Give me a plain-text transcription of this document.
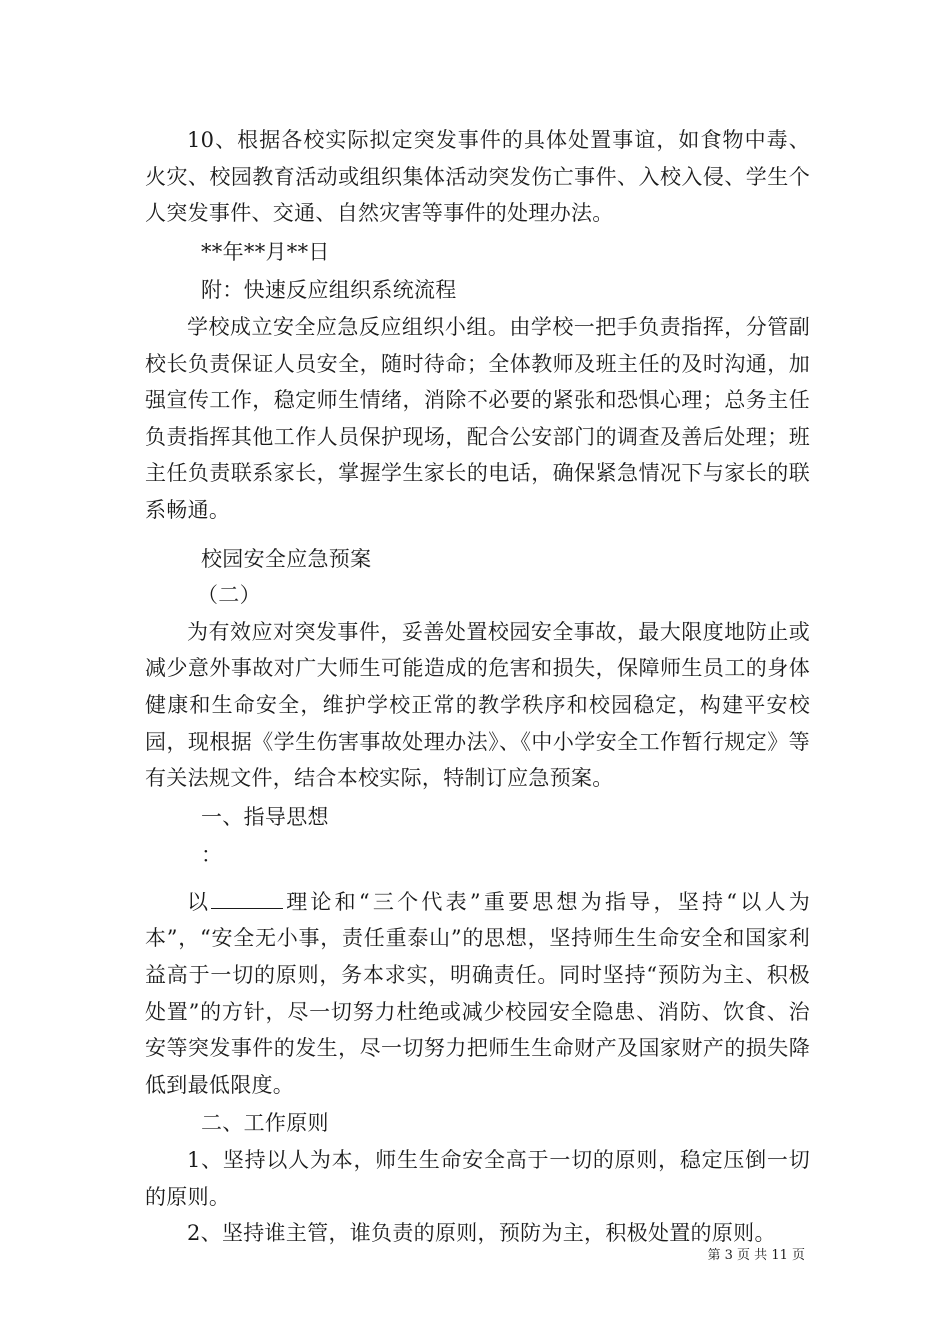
10、根据各校实际拟定突发事件的具体处置事谊，如食物中毒、火灾、校园教育活动或组织集体活动突发伤亡事件、入校入侵、学生个人突发事件、交通、自然灾害等事件的处理办法。

**年**月**日

附：快速反应组织系统流程

学校成立安全应急反应组织小组。由学校一把手负责指挥，分管副校长负责保证人员安全，随时待命；全体教师及班主任的及时沟通，加强宣传工作，稳定师生情绪，消除不必要的紧张和恐惧心理；总务主任负责指挥其他工作人员保护现场，配合公安部门的调查及善后处理；班主任负责联系家长，掌握学生家长的电话，确保紧急情况下与家长的联系畅通。

校园安全应急预案

（二）

为有效应对突发事件，妥善处置校园安全事故，最大限度地防止或减少意外事故对广大师生可能造成的危害和损失，保障师生员工的身体健康和生命安全，维护学校正常的教学秩序和校园稳定，构建平安校园，现根据《学生伤害事故处理办法》、《中小学安全工作暂行规定》等有关法规文件，结合本校实际，特制订应急预案。

一、指导思想

：

以	理论和“三个代表”重要思想为指导，坚持“以人为本”，“安全无小事，责任重泰山”的思想，坚持师生生命安全和国家利益高于一切的原则，务本求实，明确责任。同时坚持“预防为主、积极处置”的方针，尽一切努力杜绝或减少校园安全隐患、消防、饮食、治安等突发事件的发生，尽一切努力把师生生命财产及国家财产的损失降低到最低限度。

二、工作原则

1、坚持以人为本，师生生命安全高于一切的原则，稳定压倒一切的原则。

2、坚持谁主管，谁负责的原则，预防为主，积极处置的原则。

第 3 页 共 11 页
